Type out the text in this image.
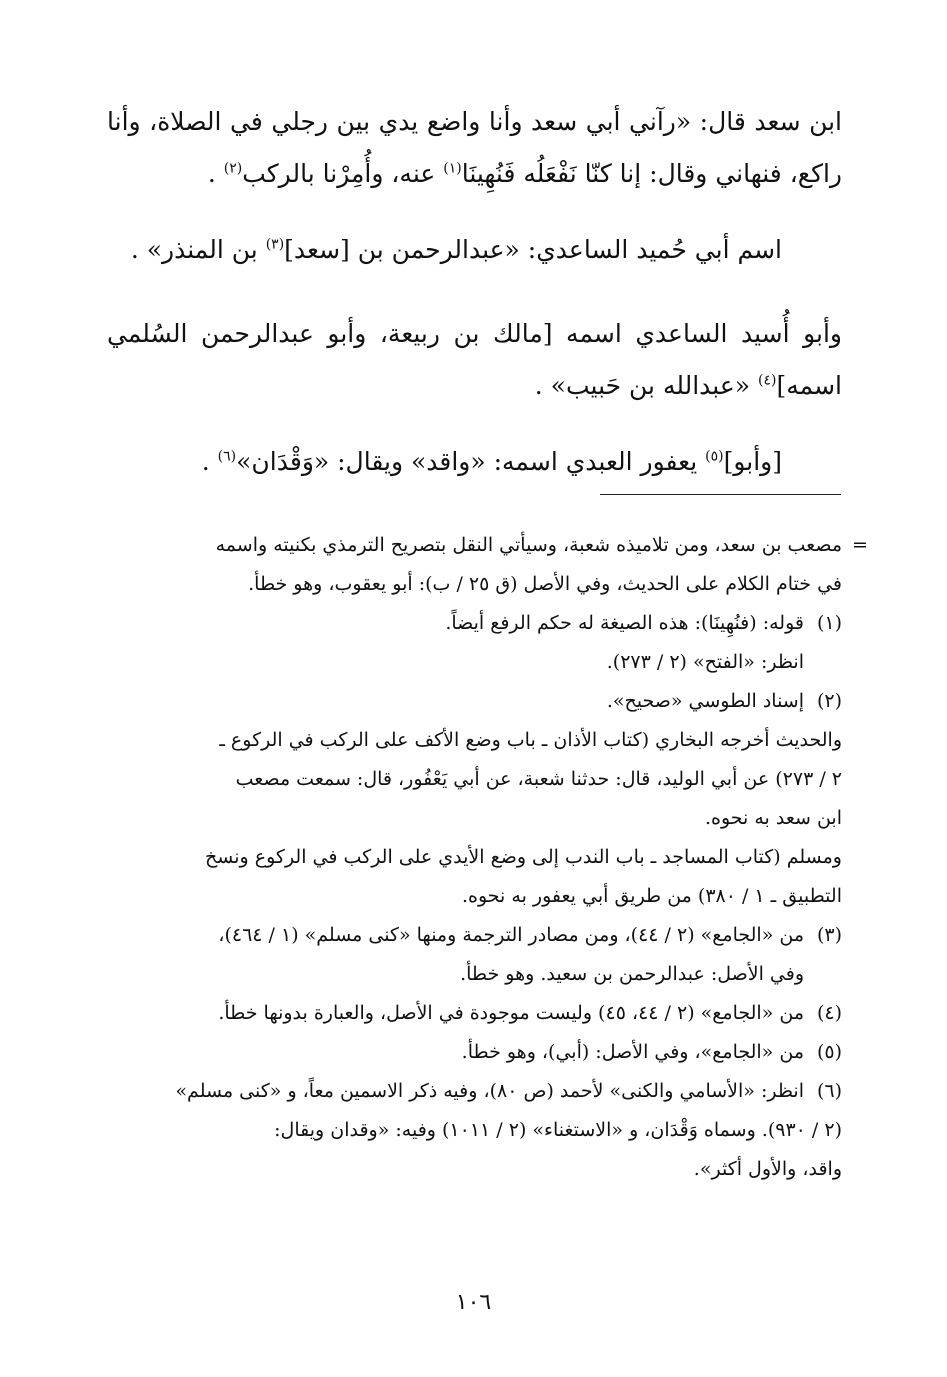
ابن سعد قال: «رآني أبي سعد وأنا واضع يدي بين رجلي في الصلاة، وأنا راكع، فنهاني وقال: إنا كنّا نَفْعَلُه فَنُهِينَا$^{(١)}$ عنه، وأُمِرْنا بالركب$^{(٢)}$ .

اسم أبي حُميد الساعدي: «عبدالرحمن بن [سعد]$^{(٣)}$ بن المنذر» .

وأبو أُسيد الساعدي اسمه [مالك بن ربيعة، وأبو عبدالرحمن السُلمي اسمه]$^{(٤)}$ «عبدالله بن حَبيب» .

[وأبو]$^{(٥)}$ يعفور العبدي اسمه: «واقد» ويقال: «وَقْدَان»$^{(٦)}$ .

=
مصعب بن سعد، ومن تلاميذه شعبة، وسيأتي النقل بتصريح الترمذي بكنيته واسمه
في ختام الكلام على الحديث، وفي الأصل (ق ٢٥ / ب): أبو يعقوب، وهو خطأ.
(١)
قوله: (فنُهِينَا): هذه الصيغة له حكم الرفع أيضاً.
انظر: «الفتح» (٢ / ٢٧٣).
(٢)
إسناد الطوسي «صحيح».
والحديث أخرجه البخاري (كتاب الأذان ـ باب وضع الأكف على الركب في الركوع ـ
٢ / ٢٧٣) عن أبي الوليد، قال: حدثنا شعبة، عن أبي يَعْفُور، قال: سمعت مصعب
ابن سعد به نحوه.
ومسلم (كتاب المساجد ـ باب الندب إلى وضع الأيدي على الركب في الركوع ونسخ
التطبيق ـ ١ / ٣٨٠) من طريق أبي يعفور به نحوه.
(٣)
من «الجامع» (٢ / ٤٤)، ومن مصادر الترجمة ومنها «كنى مسلم» (١ / ٤٦٤)،
وفي الأصل: عبدالرحمن بن سعيد. وهو خطأ.
(٤)
من «الجامع» (٢ / ٤٤، ٤٥) وليست موجودة في الأصل، والعبارة بدونها خطأ.
(٥)
من «الجامع»، وفي الأصل: (أبي)، وهو خطأ.
(٦)
انظر: «الأسامي والكنى» لأحمد (ص ٨٠)، وفيه ذكر الاسمين معاً، و «كنى مسلم»
(٢ / ٩٣٠). وسماه وَقْدَان، و «الاستغناء» (٢ / ١٠١١) وفيه: «وقدان ويقال:
واقد، والأول أكثر».
١٠٦
